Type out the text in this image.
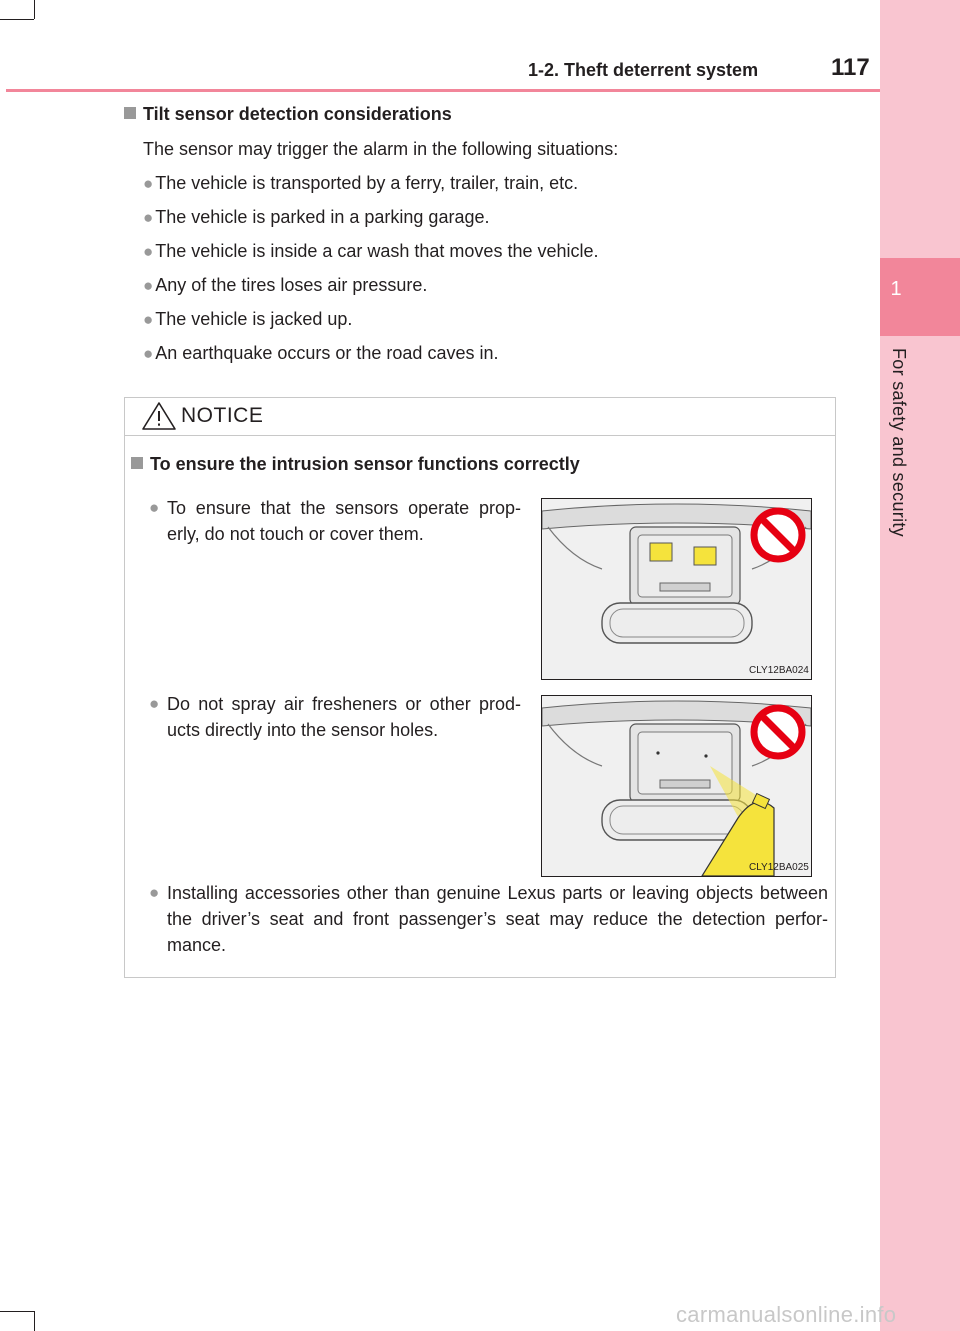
1
For safety and security
1-2. Theft deterrent system	117
Tilt sensor detection considerations
The sensor may trigger the alarm in the following situations:
● The vehicle is transported by a ferry, trailer, train, etc.
● The vehicle is parked in a parking garage.
● The vehicle is inside a car wash that moves the vehicle.
● Any of the tires loses air pressure.
● The vehicle is jacked up.
● An earthquake occurs or the road caves in.
NOTICE
To ensure the intrusion sensor functions correctly
● To ensure that the sensors operate prop-
erly, do not touch or cover them.
CLY12BA024
● Do not spray air fresheners or other prod-
ucts directly into the sensor holes.
CLY12BA025
● Installing accessories other than genuine Lexus parts or leaving objects between
the driver’s seat and front passenger’s seat may reduce the detection perfor-
mance.
carmanualsonline.info
